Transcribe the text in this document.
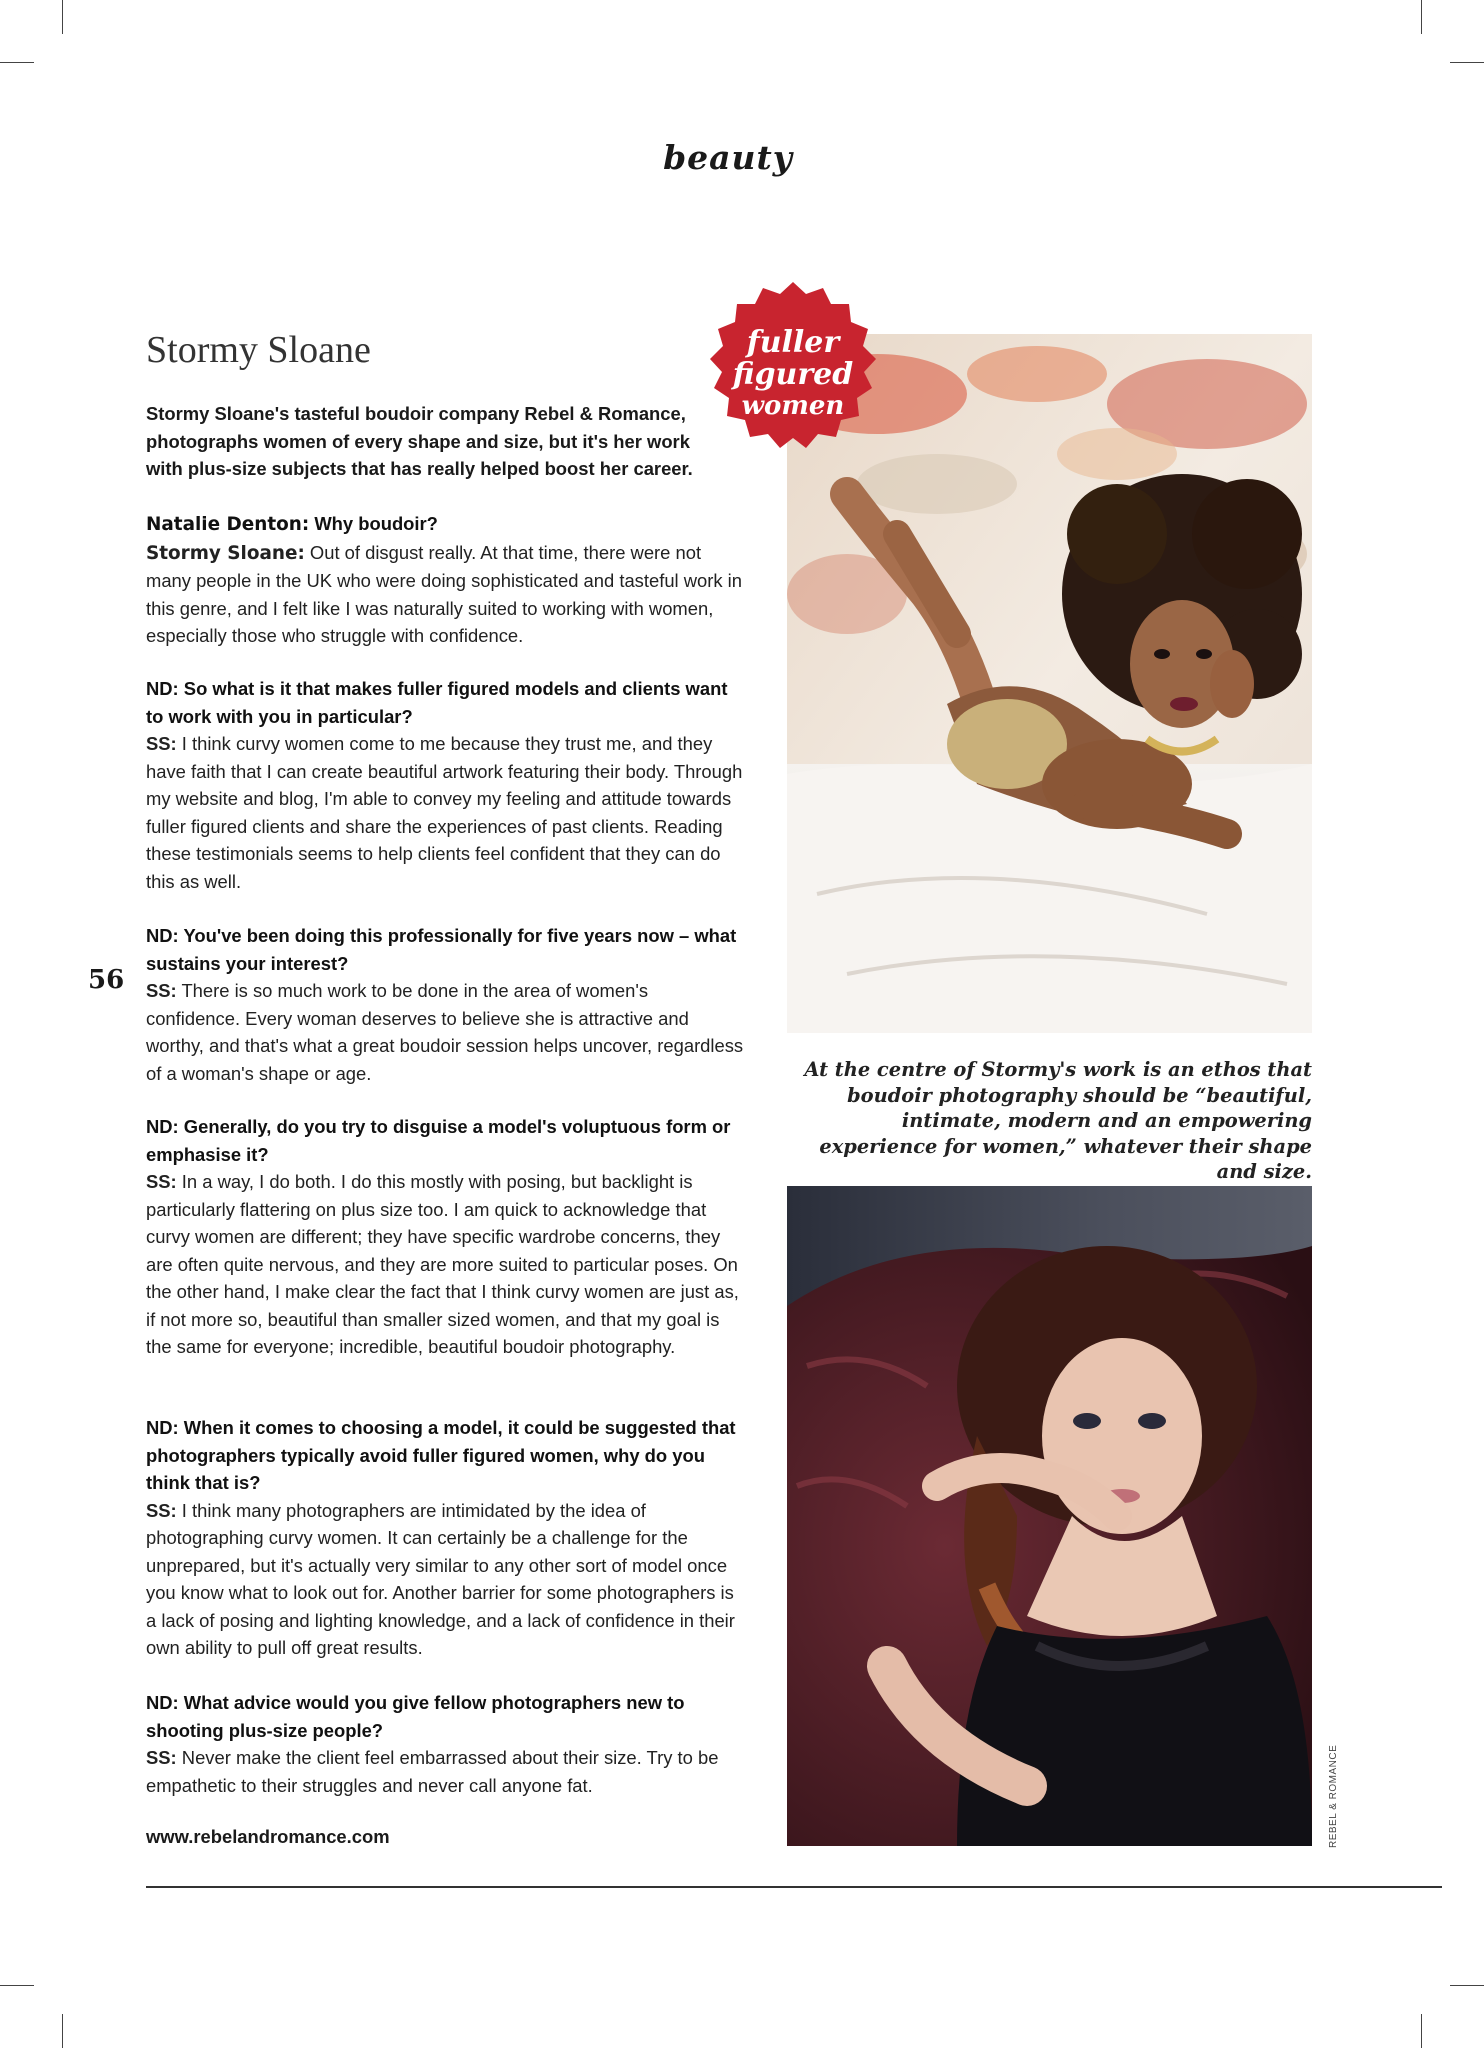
beauty
Stormy Sloane
Stormy Sloane's tasteful boudoir company Rebel & Romance, photographs women of every shape and size, but it's her work with plus-size subjects that has really helped boost her career.
Natalie Denton: Why boudoir?
Stormy Sloane: Out of disgust really. At that time, there were not many people in the UK who were doing sophisticated and tasteful work in this genre, and I felt like I was naturally suited to working with women, especially those who struggle with confidence.
ND: So what is it that makes fuller figured models and clients want to work with you in particular?
SS: I think curvy women come to me because they trust me, and they have faith that I can create beautiful artwork featuring their body. Through my website and blog, I'm able to convey my feeling and attitude towards fuller figured clients and share the experiences of past clients. Reading these testimonials seems to help clients feel confident that they can do this as well.
ND: You've been doing this professionally for five years now – what sustains your interest?
SS: There is so much work to be done in the area of women's confidence. Every woman deserves to believe she is attractive and worthy, and that's what a great boudoir session helps uncover, regardless of a woman's shape or age.
ND: Generally, do you try to disguise a model's voluptuous form or emphasise it?
SS: In a way, I do both. I do this mostly with posing, but backlight is particularly flattering on plus size too. I am quick to acknowledge that curvy women are different; they have specific wardrobe concerns, they are often quite nervous, and they are more suited to particular poses. On the other hand, I make clear the fact that I think curvy women are just as, if not more so, beautiful than smaller sized women, and that my goal is the same for everyone; incredible, beautiful boudoir photography.
ND: When it comes to choosing a model, it could be suggested that photographers typically avoid fuller figured women, why do you think that is?
SS: I think many photographers are intimidated by the idea of photographing curvy women. It can certainly be a challenge for the unprepared, but it's actually very similar to any other sort of model once you know what to look out for. Another barrier for some photographers is a lack of posing and lighting knowledge, and a lack of confidence in their own ability to pull off great results.
ND: What advice would you give fellow photographers new to shooting plus-size people?
SS: Never make the client feel embarrassed about their size. Try to be empathetic to their struggles and never call anyone fat.
www.rebelandromance.com
56
fuller
figured
women
At the centre of Stormy's work is an ethos that boudoir photography should be “beautiful, intimate, modern and an empowering experience for women,” whatever their shape and size.
REBEL & ROMANCE
